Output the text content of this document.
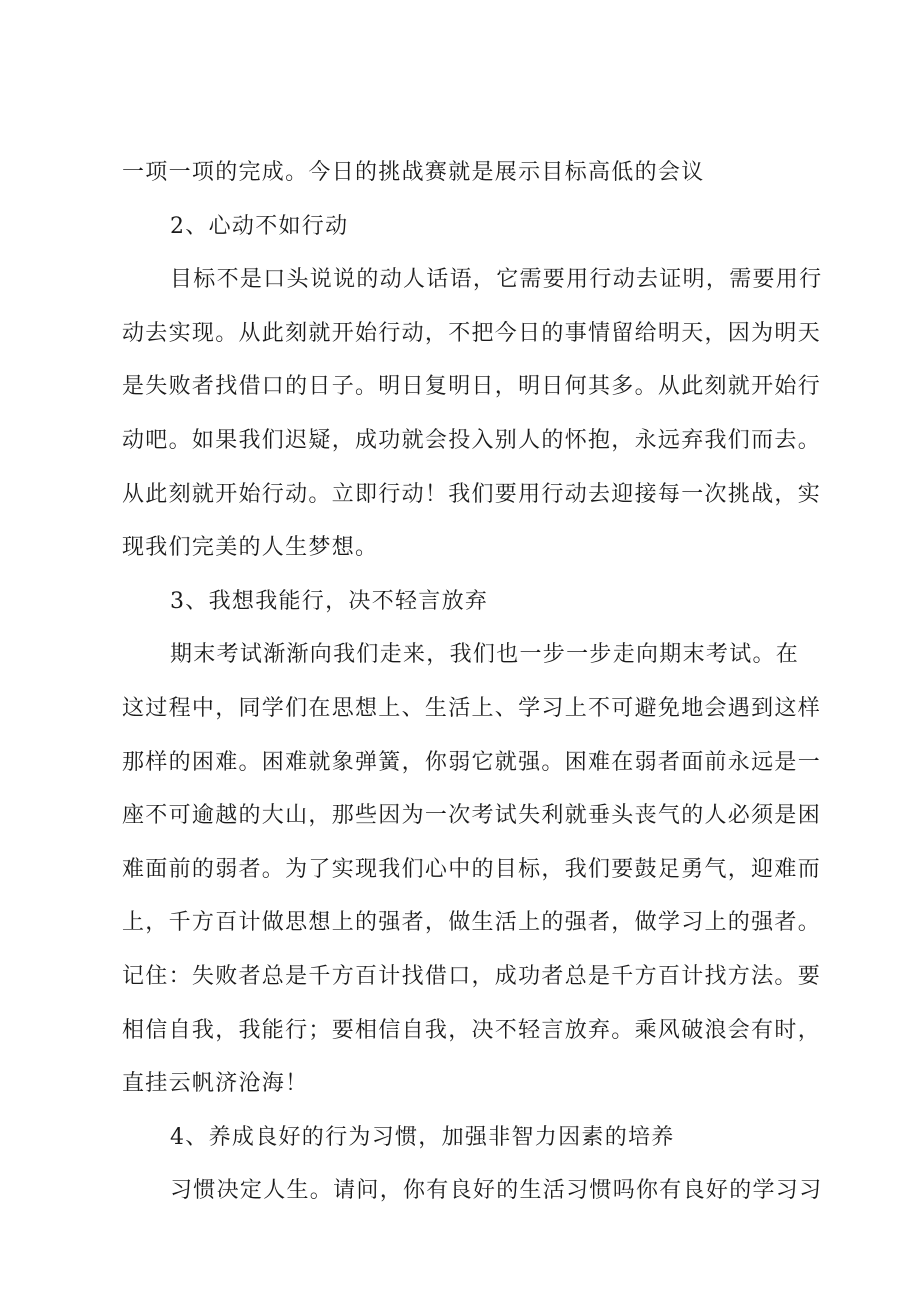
一项一项的完成。今日的挑战赛就是展示目标高低的会议
2、心动不如行动
目标不是口头说说的动人话语，它需要用行动去证明，需要用行
动去实现。从此刻就开始行动，不把今日的事情留给明天，因为明天
是失败者找借口的日子。明日复明日，明日何其多。从此刻就开始行
动吧。如果我们迟疑，成功就会投入别人的怀抱，永远弃我们而去。
从此刻就开始行动。立即行动！我们要用行动去迎接每一次挑战，实
现我们完美的人生梦想。
3、我想我能行，决不轻言放弃
期末考试渐渐向我们走来，我们也一步一步走向期末考试。在
这过程中，同学们在思想上、生活上、学习上不可避免地会遇到这样
那样的困难。困难就象弹簧，你弱它就强。困难在弱者面前永远是一
座不可逾越的大山，那些因为一次考试失利就垂头丧气的人必须是困
难面前的弱者。为了实现我们心中的目标，我们要鼓足勇气，迎难而
上，千方百计做思想上的强者，做生活上的强者，做学习上的强者。
记住：失败者总是千方百计找借口，成功者总是千方百计找方法。要
相信自我，我能行；要相信自我，决不轻言放弃。乘风破浪会有时，
直挂云帆济沧海！
4、养成良好的行为习惯，加强非智力因素的培养
习惯决定人生。请问，你有良好的生活习惯吗你有良好的学习习
